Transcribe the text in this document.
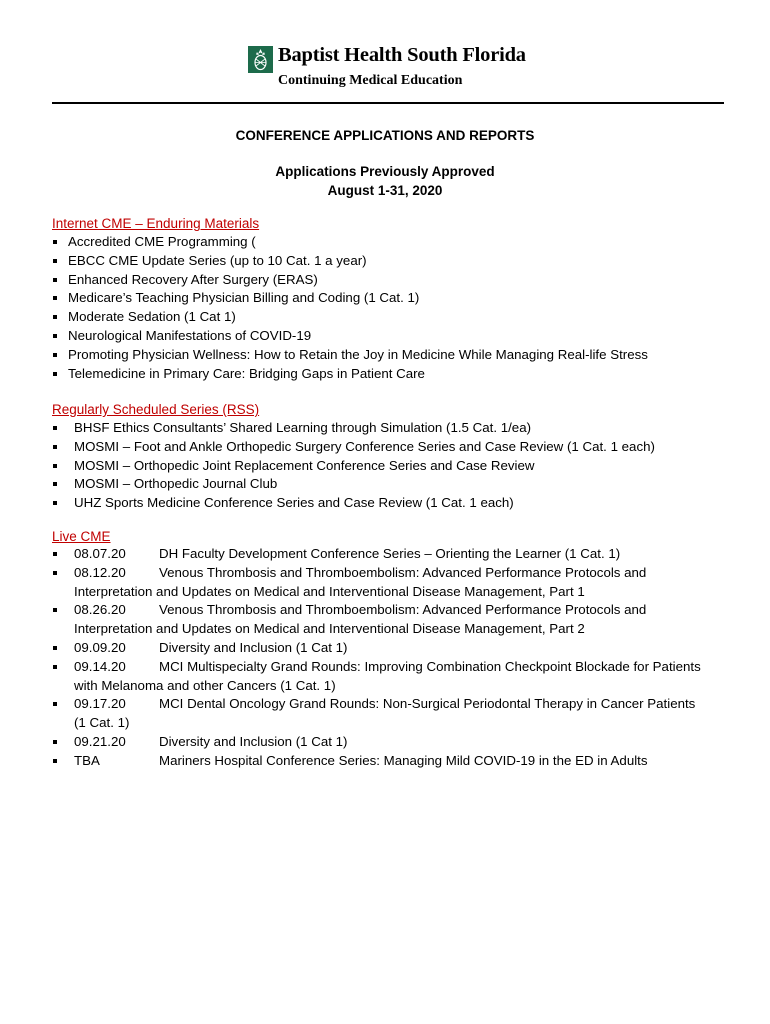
Baptist Health South Florida
Continuing Medical Education
CONFERENCE APPLICATIONS AND REPORTS
Applications Previously Approved
August 1-31, 2020
Internet CME – Enduring Materials
Accredited CME Programming (
EBCC CME Update Series (up to 10 Cat. 1 a year)
Enhanced Recovery After Surgery (ERAS)
Medicare’s Teaching Physician Billing and Coding (1 Cat. 1)
Moderate Sedation (1 Cat 1)
Neurological Manifestations of COVID-19
Promoting Physician Wellness: How to Retain the Joy in Medicine While Managing Real-life Stress
Telemedicine in Primary Care: Bridging Gaps in Patient Care
Regularly Scheduled Series (RSS)
BHSF Ethics Consultants’ Shared Learning through Simulation (1.5 Cat. 1/ea)
MOSMI – Foot and Ankle Orthopedic Surgery Conference Series and Case Review (1 Cat. 1 each)
MOSMI – Orthopedic Joint Replacement Conference Series and Case Review
MOSMI – Orthopedic Journal Club
UHZ Sports Medicine Conference Series and Case Review (1 Cat. 1 each)
Live CME
08.07.20 DH Faculty Development Conference Series – Orienting the Learner (1 Cat. 1)
08.12.20 Venous Thrombosis and Thromboembolism: Advanced Performance Protocols and
Interpretation and Updates on Medical and Interventional Disease Management, Part 1
08.26.20 Venous Thrombosis and Thromboembolism: Advanced Performance Protocols and
Interpretation and Updates on Medical and Interventional Disease Management, Part 2
09.09.20 Diversity and Inclusion (1 Cat 1)
09.14.20 MCI Multispecialty Grand Rounds: Improving Combination Checkpoint Blockade for Patients
with Melanoma and other Cancers (1 Cat. 1)
09.17.20 MCI Dental Oncology Grand Rounds: Non-Surgical Periodontal Therapy in Cancer Patients
(1 Cat. 1)
09.21.20 Diversity and Inclusion (1 Cat 1)
TBA	Mariners Hospital Conference Series: Managing Mild COVID-19 in the ED in Adults
